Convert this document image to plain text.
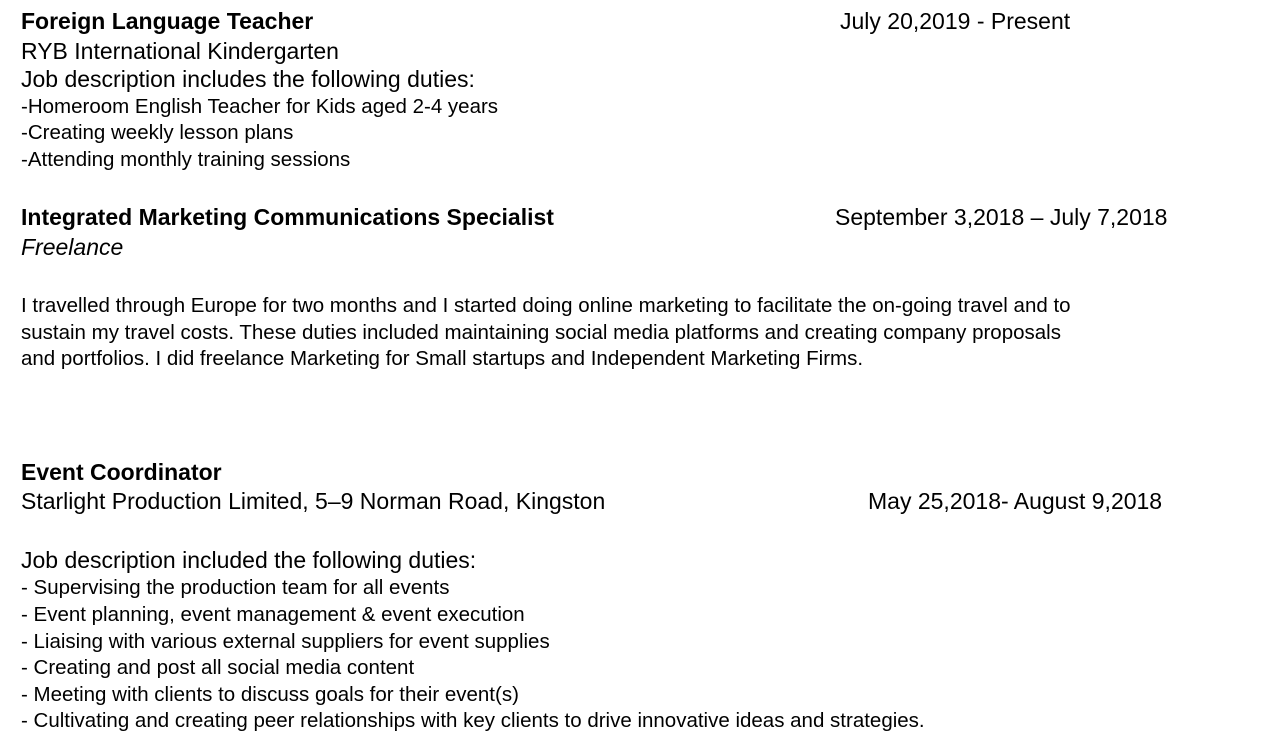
Foreign Language Teacher	July 20,2019 - Present
RYB International Kindergarten
Job description includes the following duties:
-Homeroom English Teacher for Kids aged 2-4 years
-Creating weekly lesson plans
-Attending monthly training sessions
Integrated Marketing Communications Specialist	September 3,2018 – July 7,2018
Freelance
I travelled through Europe for two months and I started doing online marketing to facilitate the on-going travel and to
sustain my travel costs. These duties included maintaining social media platforms and creating company proposals
and portfolios. I did freelance Marketing for Small startups and Independent Marketing Firms.
Event Coordinator
Starlight Production Limited, 5–9 Norman Road, Kingston	May 25,2018- August 9,2018
Job description included the following duties:
- Supervising the production team for all events
- Event planning, event management & event execution
- Liaising with various external suppliers for event supplies
- Creating and post all social media content
- Meeting with clients to discuss goals for their event(s)
- Cultivating and creating peer relationships with key clients to drive innovative ideas and strategies.
